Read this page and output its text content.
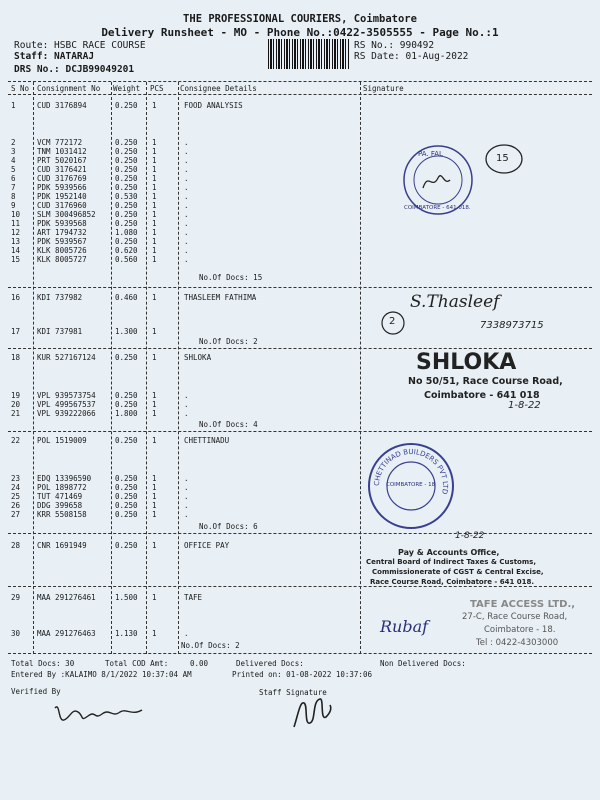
THE PROFESSIONAL COURIERS, Coimbatore
Delivery Runsheet - MO - Phone No.:0422-3505555 - Page No.:1
Route: HSBC RACE COURSE
Staff: NATARAJ
DRS No.: DCJB99049201
RS No.: 990492
RS Date: 01-Aug-2022
S No Consignment No Weight PCS Consignee Details	Signature
1	CUD 3176894	0.250 1	FOOD ANALYSIS
2	VCM 772172	0.250 1	.
3	TNM 1031412	0.250 1	.
4	PRT 5020167	0.250 1	.
5	CUD 3176421	0.250 1	.
6	CUD 3176769	0.250 1	.
7	PDK 5939566	0.250 1	.
8	PDK 1952140	0.530 1	.
9	CUD 3176960	0.250 1	.
10 SLM 300496852	0.250 1	.
11 PDK 5939568	0.250 1	.
12 ART 1794732	1.080 1	.
13 PDK 5939567	0.250 1	.
14 KLK 8005726	0.620 1	.
15 KLK 8005727	0.560 1	.
16 KDI 737982	0.460 1	THASLEEM FATHIMA
17 KDI 737981	1.300 1
18 KUR 527167124	0.250 1	SHLOKA
19 VPL 939573754	0.250 1	.
20 VPL 499567537	0.250 1	.
21 VPL 939222066	1.800 1	.
22 POL 1519009	0.250 1	CHETTINADU
23 EDQ 13396590	0.250 1	.
24 POL 1898772	0.250 1	.
25 TUT 471469	0.250 1	.
26 DDG 399658	0.250 1	.
27 KRR 5508158	0.250 1	.
28 CNR 1691949	0.250 1	OFFICE PAY
29 MAA 291276461	1.500 1	TAFE
30 MAA 291276463	1.130 1	.
No.Of Docs: 15
No.Of Docs: 2
No.Of Docs: 4
No.Of Docs: 6
No.Of Docs: 2
Total Docs: 30	Total COD Amt:	0.00	Delivered Docs:	Non Delivered Docs:
Entered By :KALAIMO 8/1/2022 10:37:04 AM	Printed on: 01-08-2022 10:37:06
Verified By	Staff Signature
PA. FAL
COIMBATORE - 641 018.
15
2
S.Thasleef
7338973715
SHLOKA
No 50/51, Race Course Road,
Coimbatore - 641 018
1-8-22
CHETTINAD BUILDERS PVT LTD
COIMBATORE - 18
1-8-22
Pay & Accounts Office,
Central Board of Indirect Taxes & Customs,
Commissionerate of CGST & Central Excise,
Race Course Road, Coimbatore - 641 018.
TAFE ACCESS LTD.,
27-C, Race Course Road,
Coimbatore - 18.
Tel : 0422-4303000
Rubaf
